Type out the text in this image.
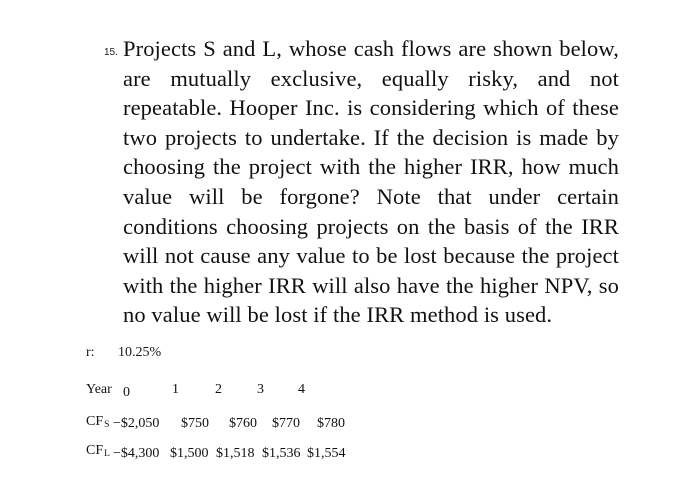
15. Projects S and L, whose cash flows are shown below, are mutually exclusive, equally risky, and not repeatable. Hooper Inc. is considering which of these two projects to undertake. If the decision is made by choosing the project with the higher IRR, how much value will be forgone? Note that under certain conditions choosing projects on the basis of the IRR will not cause any value to be lost because the project with the higher IRR will also have the higher NPV, so no value will be lost if the IRR method is used.
r: 10.25%
Year 0	1	2	3 4
CFS −$2,050 $750 $760 $770 $780
CFL −$4,300 $1,500 $1,518 $1,536 $1,554
